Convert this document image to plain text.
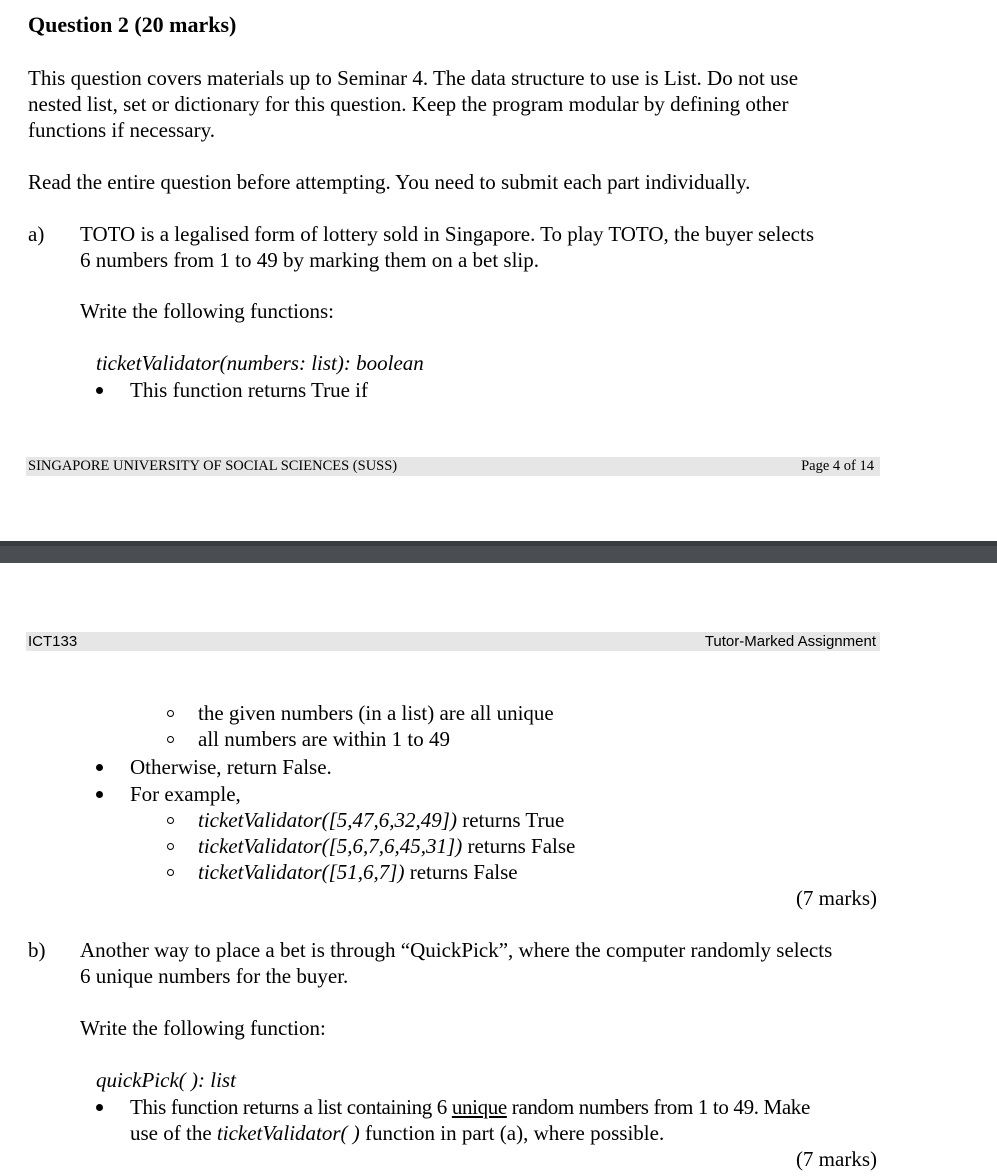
Question 2 (20 marks)
This question covers materials up to Seminar 4. The data structure to use is List. Do not use
nested list, set or dictionary for this question. Keep the program modular by defining other
functions if necessary.
Read the entire question before attempting. You need to submit each part individually.
a) TOTO is a legalised form of lottery sold in Singapore. To play TOTO, the buyer selects
6 numbers from 1 to 49 by marking them on a bet slip.
Write the following functions:
ticketValidator(numbers: list): boolean
This function returns True if
SINGAPORE UNIVERSITY OF SOCIAL SCIENCES (SUSS)	Page 4 of 14
ICT133	Tutor-Marked Assignment
the given numbers (in a list) are all unique
all numbers are within 1 to 49
Otherwise, return False.
For example,
ticketValidator([5,47,6,32,49]) returns True
ticketValidator([5,6,7,6,45,31]) returns False
ticketValidator([51,6,7]) returns False
(7 marks)
b) Another way to place a bet is through “QuickPick”, where the computer randomly selects
6 unique numbers for the buyer.
Write the following function:
quickPick( ): list
This function returns a list containing 6 unique random numbers from 1 to 49. Make
use of the ticketValidator( ) function in part (a), where possible.
(7 marks)
